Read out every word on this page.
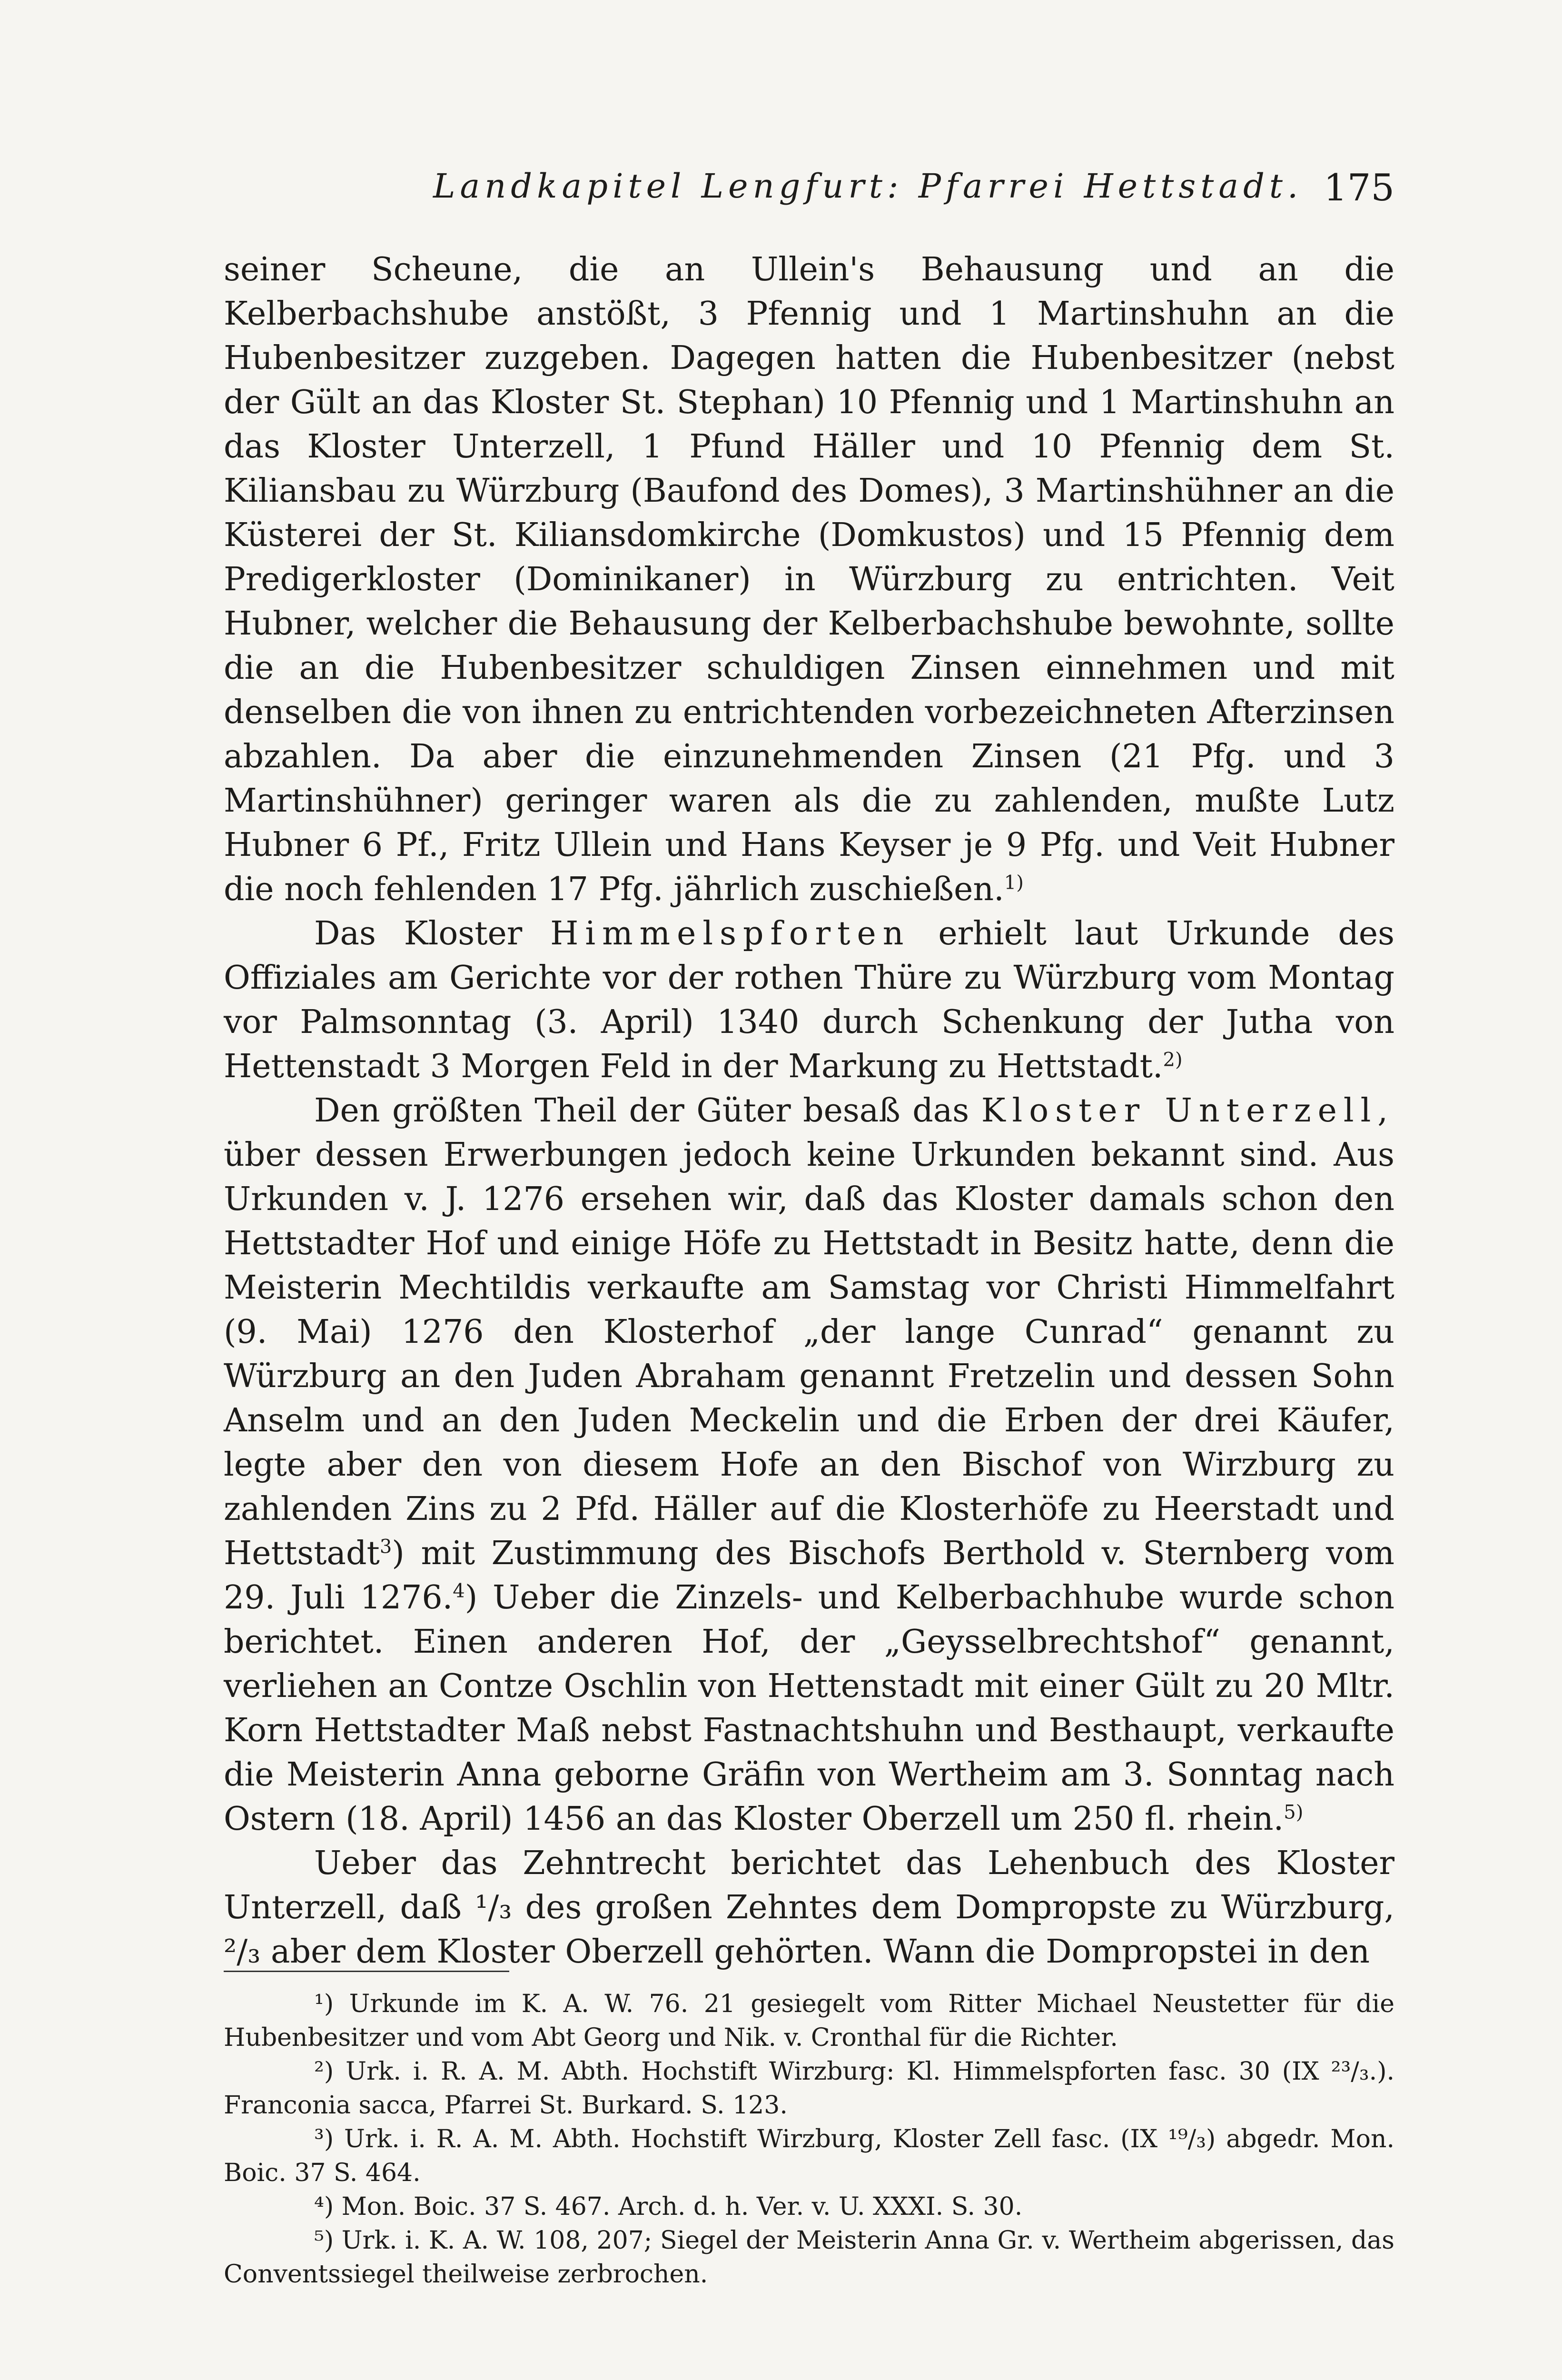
Landkapitel Lengfurt: Pfarrei Hettstadt. 175

seiner Scheune, die an Ullein's Behausung und an die Kelberbachshube anstößt, 3 Pfennig und 1 Martinshuhn an die Hubenbesitzer zuzgeben. Dagegen hatten die Hubenbesitzer (nebst der Gült an das Kloster St. Stephan) 10 Pfennig und 1 Martinshuhn an das Kloster Unterzell, 1 Pfund Häller und 10 Pfennig dem St. Kiliansbau zu Würzburg (Baufond des Domes), 3 Martinshühner an die Küsterei der St. Kiliansdomkirche (Domkustos) und 15 Pfennig dem Predigerkloster (Dominikaner) in Würzburg zu entrichten. Veit Hubner, welcher die Behausung der Kelberbachshube bewohnte, sollte die an die Hubenbesitzer schuldigen Zinsen einnehmen und mit denselben die von ihnen zu entrichtenden vorbezeichneten Afterzinsen abzahlen. Da aber die einzunehmenden Zinsen (21 Pfg. und 3 Martinshühner) geringer waren als die zu zahlenden, mußte Lutz Hubner 6 Pf., Fritz Ullein und Hans Keyser je 9 Pfg. und Veit Hubner die noch fehlenden 17 Pfg. jährlich zuschießen.$^{1)}$

Das Kloster Himmelspforten erhielt laut Urkunde des Offiziales am Gerichte vor der rothen Thüre zu Würzburg vom Montag vor Palmsonntag (3. April) 1340 durch Schenkung der Jutha von Hettenstadt 3 Morgen Feld in der Markung zu Hettstadt.$^{2)}$

Den größten Theil der Güter besaß das Kloster Unterzell, über dessen Erwerbungen jedoch keine Urkunden bekannt sind. Aus Urkunden v. J. 1276 ersehen wir, daß das Kloster damals schon den Hettstadter Hof und einige Höfe zu Hettstadt in Besitz hatte, denn die Meisterin Mechtildis verkaufte am Samstag vor Christi Himmelfahrt (9. Mai) 1276 den Klosterhof „der lange Cunrad“ genannt zu Würzburg an den Juden Abraham genannt Fretzelin und dessen Sohn Anselm und an den Juden Meckelin und die Erben der drei Käufer, legte aber den von diesem Hofe an den Bischof von Wirzburg zu zahlenden Zins zu 2 Pfd. Häller auf die Klosterhöfe zu Heerstadt und Hettstadt$^3$) mit Zustimmung des Bischofs Berthold v. Sternberg vom 29. Juli 1276.$^4$) Ueber die Zinzels- und Kelberbachhube wurde schon berichtet. Einen anderen Hof, der „Geysselbrechtshof“ genannt, verliehen an Contze Oschlin von Hettenstadt mit einer Gült zu 20 Mltr. Korn Hettstadter Maß nebst Fastnachtshuhn und Besthaupt, verkaufte die Meisterin Anna geborne Gräfin von Wertheim am 3. Sonntag nach Ostern (18. April) 1456 an das Kloster Oberzell um 250 fl. rhein.$^{5)}$

Ueber das Zehntrecht berichtet das Lehenbuch des Kloster Unterzell, daß ¹/₃ des großen Zehntes dem Dompropste zu Würzburg, ²/₃ aber dem Kloster Oberzell gehörten. Wann die Dompropstei in den

¹) Urkunde im K. A. W. 76. 21 gesiegelt vom Ritter Michael Neustetter für die Hubenbesitzer und vom Abt Georg und Nik. v. Cronthal für die Richter.

²) Urk. i. R. A. M. Abth. Hochstift Wirzburg: Kl. Himmelspforten fasc. 30 (IX ²³/₃.). Franconia sacca, Pfarrei St. Burkard. S. 123.

³) Urk. i. R. A. M. Abth. Hochstift Wirzburg, Kloster Zell fasc. (IX ¹⁹/₃) abgedr. Mon. Boic. 37 S. 464.

⁴) Mon. Boic. 37 S. 467. Arch. d. h. Ver. v. U. XXXI. S. 30.

⁵) Urk. i. K. A. W. 108, 207; Siegel der Meisterin Anna Gr. v. Wertheim abgerissen, das Conventssiegel theilweise zerbrochen.
